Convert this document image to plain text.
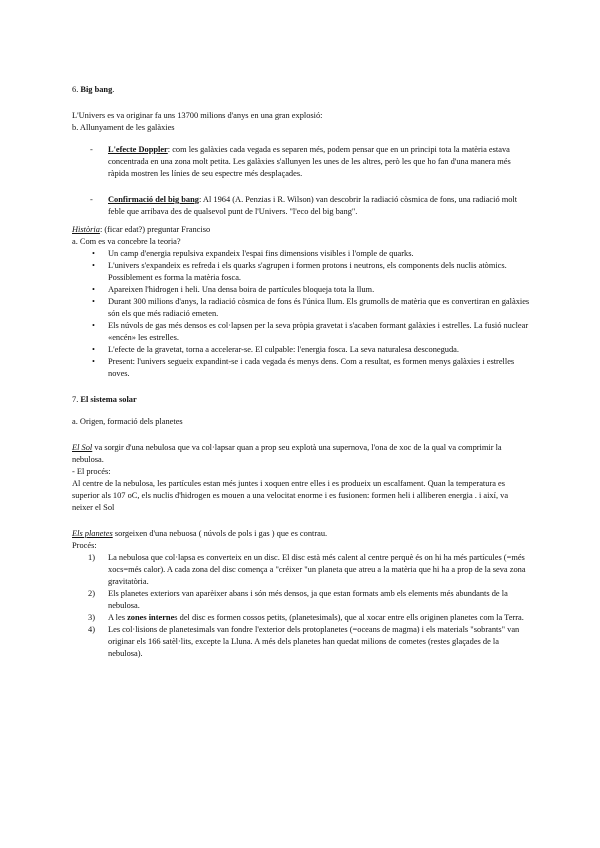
6. Big bang.

L'Univers es va originar fa uns 13700 milions d'anys en una gran explosió:

b. Allunyament de les galàxies

- L'efecte Doppler: com les galàxies cada vegada es separen més, podem pensar que en un principi tota la matèria estava concentrada en una zona molt petita. Les galàxies s'allunyen les unes de les altres, però les que ho fan d'una manera més ràpida mostren les línies de seu espectre més desplaçades.

- Confirmació del big bang: Al 1964 (A. Penzias i R. Wilson) van descobrir la radiació còsmica de fons, una radiació molt feble que arribava des de qualsevol punt de l'Univers. "l'eco del big bang".

Història: (ficar edat?) preguntar Franciso

a. Com es va concebre la teoria?

• Un camp d'energia repulsiva expandeix l'espai fins dimensions visibles i l'omple de quarks.

• L'univers s'expandeix es refreda i els quarks s'agrupen i formen protons i neutrons, els components dels nuclis atòmics. Possiblement es forma la matèria fosca.

• Apareixen l'hidrogen i heli. Una densa boira de partícules bloqueja tota la llum.

• Durant 300 milions d'anys, la radiació còsmica de fons és l'única llum. Els grumolls de matèria que es convertiran en galàxies són els que més radiació emeten.

• Els núvols de gas més densos es col·lapsen per la seva pròpia gravetat i s'acaben formant galàxies i estrelles. La fusió nuclear «encén» les estrelles.

• L'efecte de la gravetat, torna a accelerar-se. El culpable: l'energia fosca. La seva naturalesa desconeguda.

• Present: l'univers segueix expandint-se i cada vegada és menys dens. Com a resultat, es formen menys galàxies i estrelles noves.

7. El sistema solar

a. Origen, formació dels planetes

El Sol va sorgir d'una nebulosa que va col·lapsar quan a prop seu explotà una supernova, l'ona de xoc de la qual va comprimir la nebulosa.

- El procés:

Al centre de la nebulosa, les partícules estan més juntes i xoquen entre elles i es produeix un escalfament. Quan la temperatura es superior als 107 oC, els nuclis d'hidrogen es mouen a una velocitat enorme i es fusionen: formen heli i alliberen energia . i així, va neixer el Sol

Els planetes sorgeixen d'una nebuosa ( núvols de pols i gas ) que es contrau.

Procés:

1) La nebulosa que col·lapsa es converteix en un disc. El disc està més calent al centre perquè és on hi ha més partícules (=més xocs=més calor). A cada zona del disc comença a "créixer "un planeta que atreu a la matèria que hi ha a prop de la seva zona gravitatòria.

2) Els planetes exteriors van aparèixer abans i són més densos, ja que estan formats amb els elements més abundants de la nebulosa.

3) A les zones internes del disc es formen cossos petits, (planetesimals), que al xocar entre ells originen planetes com la Terra.

4) Les col·lisions de planetesimals van fondre l'exterior dels protoplanetes (=oceans de magma) i els materials "sobrants" van originar els 166 satèl·lits, excepte la Lluna. A més dels planetes han quedat milions de cometes (restes glaçades de la nebulosa).
